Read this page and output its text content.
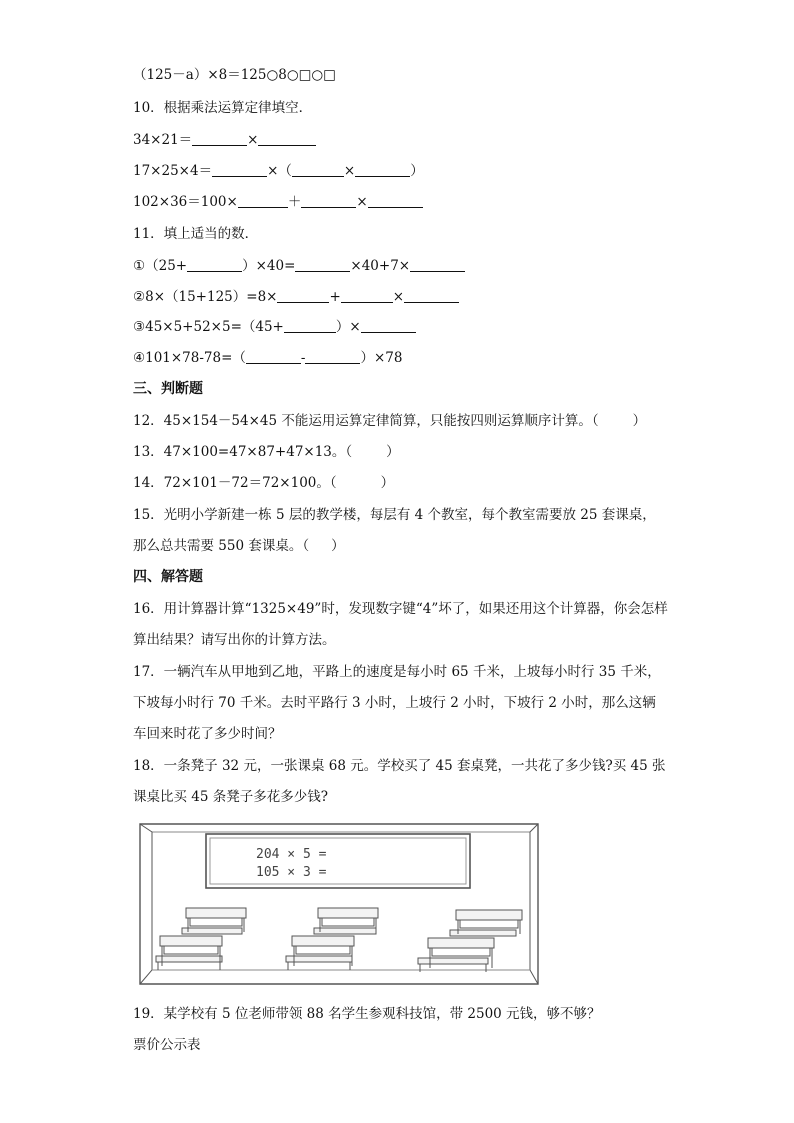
（125－a）×8＝125○8○□○□
10．根据乘法运算定律填空．
34×21＝	×
17×25×4＝	×（	×	）
102×36＝100×	＋	×
11．填上适当的数．
①（25+	）×40=	×40+7×
②8×（15+125）=8×	+	×
③45×5+52×5=（45+	）×
④101×78-78=（	-	）×78
三、判断题
12．45×154－54×45 不能运用运算定律简算，只能按四则运算顺序计算。（	）
13．47×100=47×87+47×13。（	）
14．72×101－72＝72×100。（	）
15．光明小学新建一栋 5 层的教学楼，每层有 4 个教室，每个教室需要放 25 套课桌，
那么总共需要 550 套课桌。（ ）
四、解答题
16．用计算器计算“1325×49”时，发现数字键“4”坏了，如果还用这个计算器，你会怎样
算出结果？请写出你的计算方法。
17．一辆汽车从甲地到乙地，平路上的速度是每小时 65 千米，上坡每小时行 35 千米，
下坡每小时行 70 千米。去时平路行 3 小时，上坡行 2 小时，下坡行 2 小时，那么这辆
车回来时花了多少时间？
18．一条凳子 32 元，一张课桌 68 元。学校买了 45 套桌凳，一共花了多少钱?买 45 张
课桌比买 45 条凳子多花多少钱?
204 × 5 =
105 × 3 =
19．某学校有 5 位老师带领 88 名学生参观科技馆，带 2500 元钱，够不够？
票价公示表
